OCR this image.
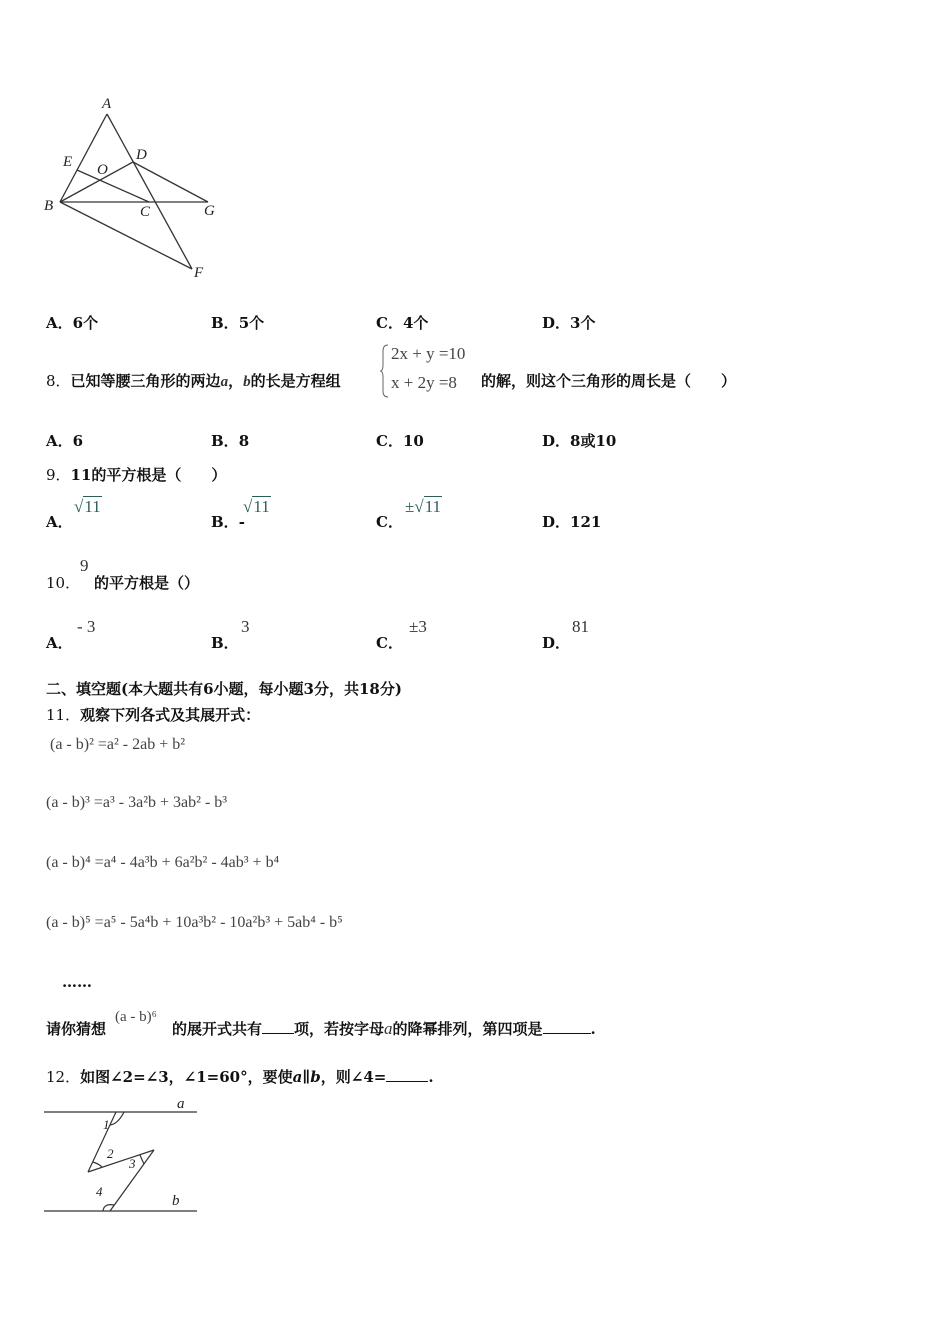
A
E O
D
B	C	G
F
A．6个	B．5个	C．4个	D．3个
8．已知等腰三角形的两边a，b的长是方程组
2x + y =10
x + 2y =8 的解，则这个三角形的周长是（　　）
A．6	B．8	C．10	D．8或10
9．11的平方根是（　　）
A．
√11
B．-
√11
C．
±√11
D．121
10．
9
的平方根是（）
A．
- 3
B．
3
C．
±3
D．
81
二、填空题(本大题共有6小题，每小题3分，共18分)
11．观察下列各式及其展开式：
(a - b)² =a² - 2ab + b²
(a - b)³ =a³ - 3a²b + 3ab² - b³
(a - b)⁴ =a⁴ - 4a³b + 6a²b² - 4ab³ + b⁴
(a - b)⁵ =a⁵ - 5a⁴b + 10a³b² - 10a²b³ + 5ab⁴ - b⁵
……
请你猜想
(a - b)⁶
的展开式共有 项，若按字母a的降幂排列，第四项是	.
12．如图∠2=∠3，∠1=60°，要使a∥b，则∠4=	.
a
b
1
2
3
4
